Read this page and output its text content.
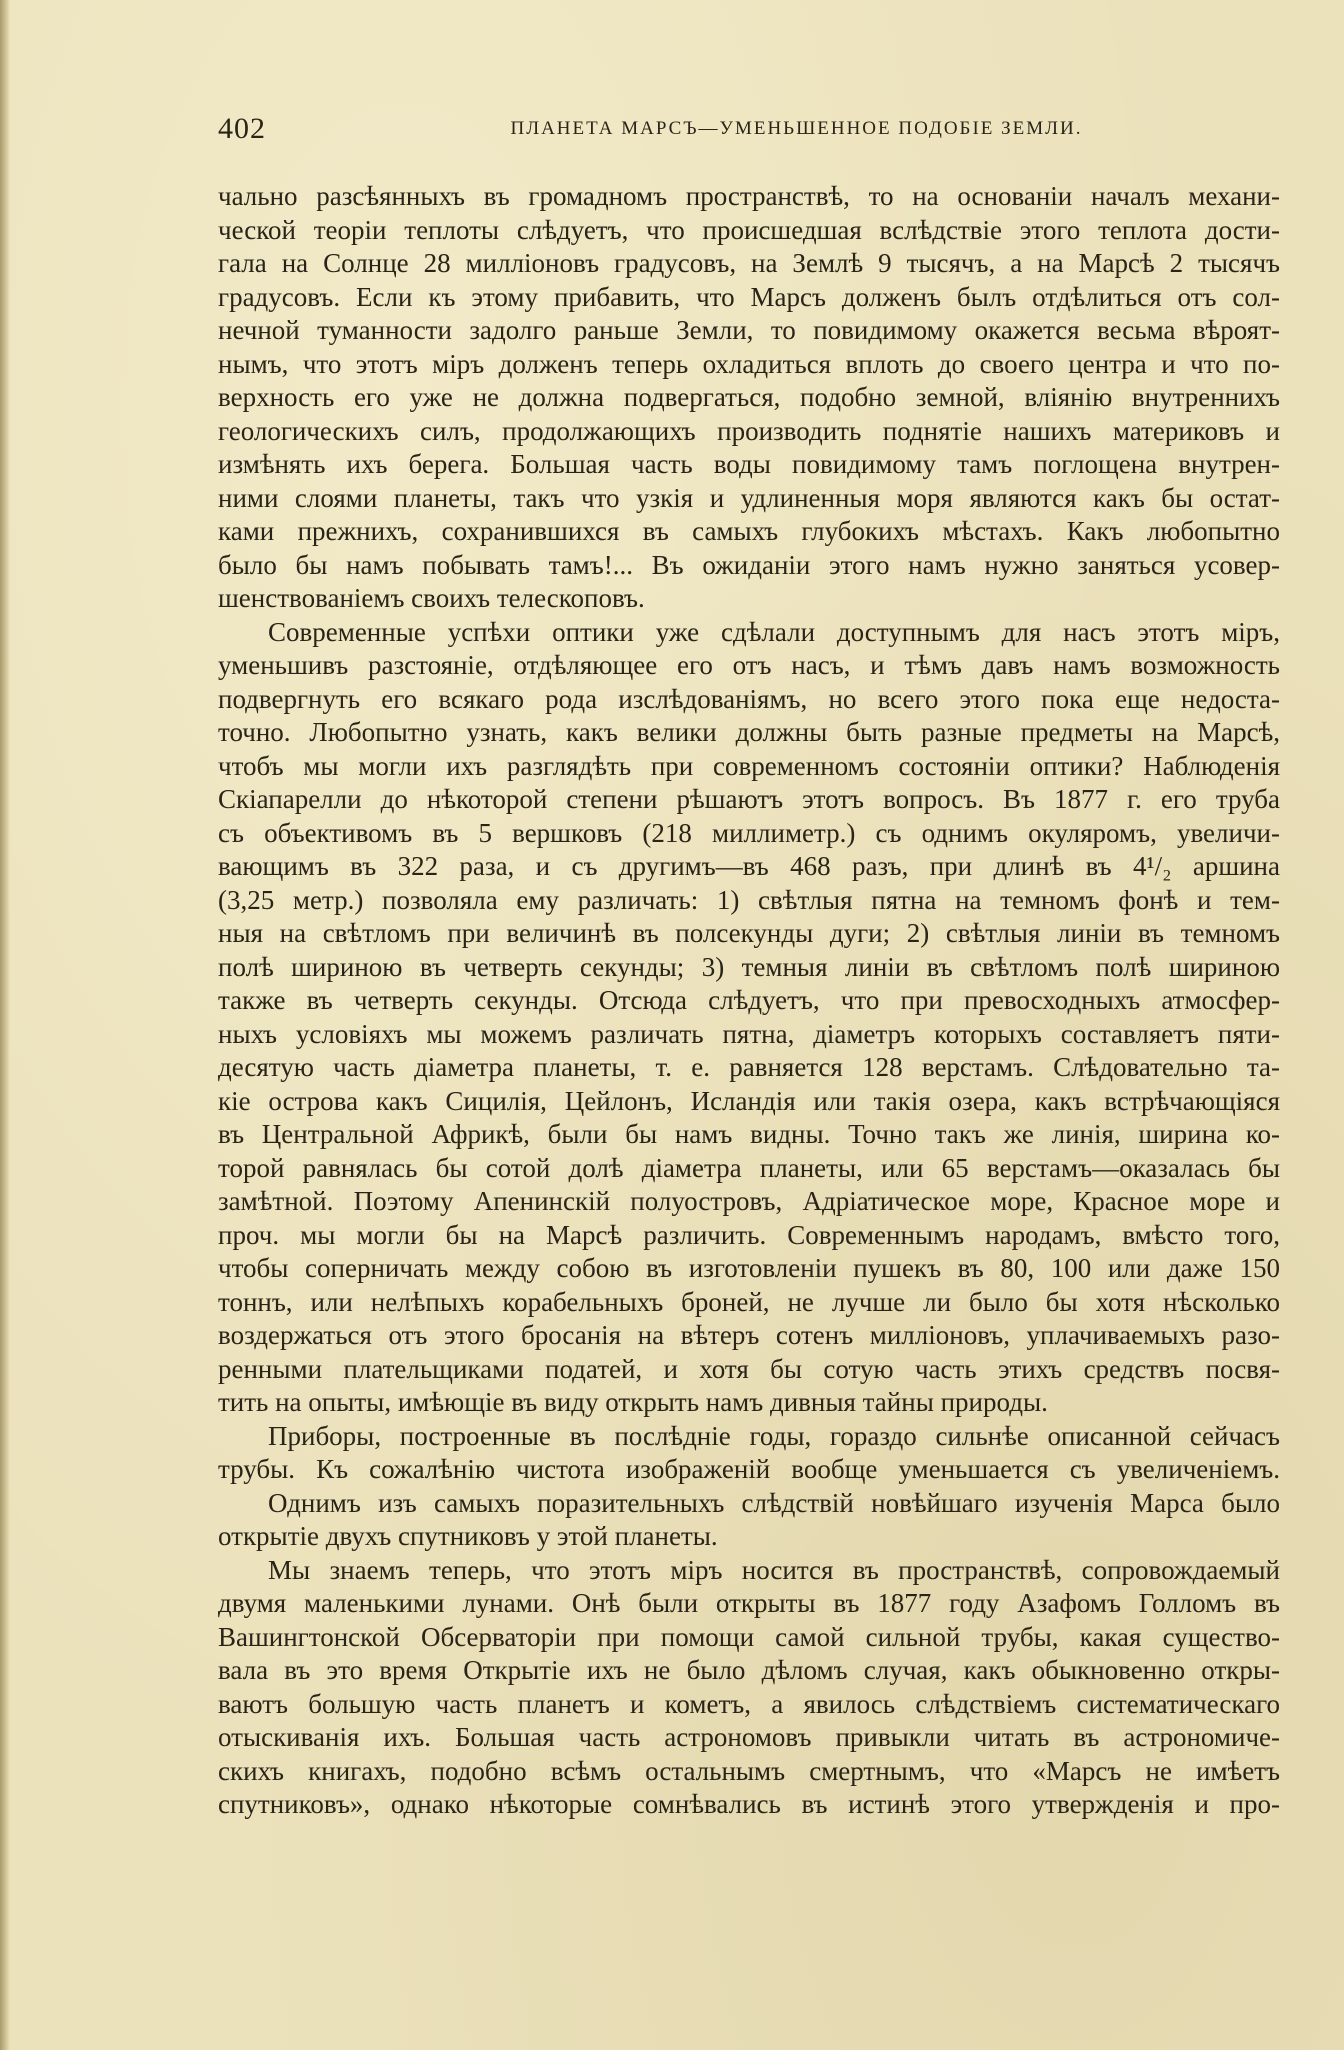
402	ПЛАНЕТА МАРСЪ—УМЕНЬШЕННОЕ ПОДОБІЕ ЗЕМЛИ.
чально разсѣянныхъ въ громадномъ пространствѣ, то на основаніи началъ механи-
ческой теоріи теплоты слѣдуетъ, что происшедшая вслѣдствіе этого теплота дости-
гала на Солнце 28 милліоновъ градусовъ, на Землѣ 9 тысячъ, а на Марсѣ 2 тысячъ
градусовъ. Если къ этому прибавить, что Марсъ долженъ былъ отдѣлиться отъ сол-
нечной туманности задолго раньше Земли, то повидимому окажется весьма вѣроят-
нымъ, что этотъ міръ долженъ теперь охладиться вплоть до своего центра и что по-
верхность его уже не должна подвергаться, подобно земной, вліянію внутреннихъ
геологическихъ силъ, продолжающихъ производить поднятіе нашихъ материковъ и
измѣнять ихъ берега. Большая часть воды повидимому тамъ поглощена внутрен-
ними слоями планеты, такъ что узкія и удлиненныя моря являются какъ бы остат-
ками прежнихъ, сохранившихся въ самыхъ глубокихъ мѣстахъ. Какъ любопытно
было бы намъ побывать тамъ!... Въ ожиданіи этого намъ нужно заняться усовер-
шенствованіемъ своихъ телескоповъ.
Современные успѣхи оптики уже сдѣлали доступнымъ для насъ этотъ міръ,
уменьшивъ разстояніе, отдѣляющее его отъ насъ, и тѣмъ давъ намъ возможность
подвергнуть его всякаго рода изслѣдованіямъ, но всего этого пока еще недоста-
точно. Любопытно узнать, какъ велики должны быть разные предметы на Марсѣ,
чтобъ мы могли ихъ разглядѣть при современномъ состояніи оптики? Наблюденія
Скіапарелли до нѣкоторой степени рѣшаютъ этотъ вопросъ. Въ 1877 г. его труба
съ объективомъ въ 5 вершковъ (218 миллиметр.) съ однимъ окуляромъ, увеличи-
вающимъ въ 322 раза, и съ другимъ—въ 468 разъ, при длинѣ въ 4¹/₂ аршина
(3,25 метр.) позволяла ему различать: 1) свѣтлыя пятна на темномъ фонѣ и тем-
ныя на свѣтломъ при величинѣ въ полсекунды дуги; 2) свѣтлыя линіи въ темномъ
полѣ шириною въ четверть секунды; 3) темныя линіи въ свѣтломъ полѣ шириною
также въ четверть секунды. Отсюда слѣдуетъ, что при превосходныхъ атмосфер-
ныхъ условіяхъ мы можемъ различать пятна, діаметръ которыхъ составляетъ пяти-
десятую часть діаметра планеты, т. е. равняется 128 верстамъ. Слѣдовательно та-
кіе острова какъ Сицилія, Цейлонъ, Исландія или такія озера, какъ встрѣчающіяся
въ Центральной Африкѣ, были бы намъ видны. Точно такъ же линія, ширина ко-
торой равнялась бы сотой долѣ діаметра планеты, или 65 верстамъ—оказалась бы
замѣтной. Поэтому Апенинскій полуостровъ, Адріатическое море, Красное море и
проч. мы могли бы на Марсѣ различить. Современнымъ народамъ, вмѣсто того,
чтобы соперничать между собою въ изготовленіи пушекъ въ 80, 100 или даже 150
тоннъ, или нелѣпыхъ корабельныхъ броней, не лучше ли было бы хотя нѣсколько
воздержаться отъ этого бросанія на вѣтеръ сотенъ милліоновъ, уплачиваемыхъ разо-
ренными плательщиками податей, и хотя бы сотую часть этихъ средствъ посвя-
тить на опыты, имѣющіе въ виду открыть намъ дивныя тайны природы.
Приборы, построенные въ послѣдніе годы, гораздо сильнѣе описанной сейчасъ
трубы. Къ сожалѣнію чистота изображеній вообще уменьшается съ увеличеніемъ.
Однимъ изъ самыхъ поразительныхъ слѣдствій новѣйшаго изученія Марса было
открытіе двухъ спутниковъ у этой планеты.
Мы знаемъ теперь, что этотъ міръ носится въ пространствѣ, сопровождаемый
двумя маленькими лунами. Онѣ были открыты въ 1877 году Азафомъ Голломъ въ
Вашингтонской Обсерваторіи при помощи самой сильной трубы, какая существо-
вала въ это время Открытіе ихъ не было дѣломъ случая, какъ обыкновенно откры-
ваютъ большую часть планетъ и кометъ, а явилось слѣдствіемъ систематическаго
отыскиванія ихъ. Большая часть астрономовъ привыкли читать въ астрономиче-
скихъ книгахъ, подобно всѣмъ остальнымъ смертнымъ, что «Марсъ не имѣетъ
спутниковъ», однако нѣкоторые сомнѣвались въ истинѣ этого утвержденія и про-
